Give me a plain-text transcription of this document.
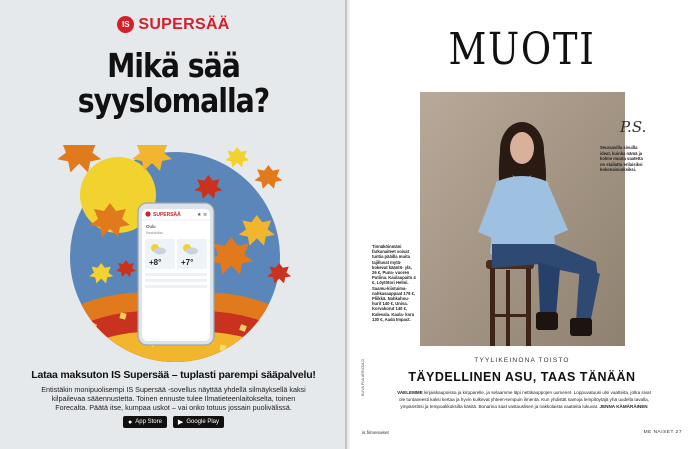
IS SUPERSÄÄ
Mikä sää
syyslomalla?
SUPERSÄÄ	★ ≡
Oulu
Keskiviikko
+8° +7°
Lataa maksuton IS Supersää – tuplasti parempi sääpalvelu!
Entistäkin monipuolisempi IS Supersää -sovellus näyttää yhdellä silmäyksellä kaksi kilpailevaa sääennustetta. Toinen ennuste tulee Ilmatieteenlaitokselta, toinen Forecalta. Päätä itse, kumpaa uskot – vai onko totuus jossain puolivälissä.
● App Store ▶ Google Play
MUOTI
P.S.
Seuraavilla sivuilla ideat, kuinka nämä ja kolme muuta vaatetta on stailattu erilaisiksi kokonaisuuksiksi.
Tinnäköinmäni farkunaiteet voivat tuntia pääilla muita tajilluvat mytä- kokevat kääntö- ylä, 26 €, Puna- vuoren Putiina. Kaulaupaito 4 €, Löytötori Helmi. Saamu-kiistuima- nahkasaappaat 179 €, Pliikkä. Nahkahou- hurit 140 €, Unisa. Korvakorut 140 €, Kalevala. Kaula- koru 130 €, Aada Impact.
KUVA PIIA ARNOULD	TYYLIKEINONA TOISTO
TÄYDELLINEN ASU, TAAS TÄNÄÄN
VAELEMME kirjaiskaupoissa ja kirpparelle, ja selaamme läpi nettikauppojen uumenet. Loppuvatuusi ulsi vaatteita, jotka sivat ole tuntaneesti kaksi kertaa ja hyvin kulkevat yhteen-tempuin ilmentä. Kun yhdistät samoja lempitöytäjä yhä uudella tavalla, ympäristösi ja tempoakkuksilta käsitä. Bonarina saat vastauslisen ja nakkolaista vaatteita lukuvat. JENNA KÄMÄRÄINEN
is.fi/menaiset	ME NAISET 27
